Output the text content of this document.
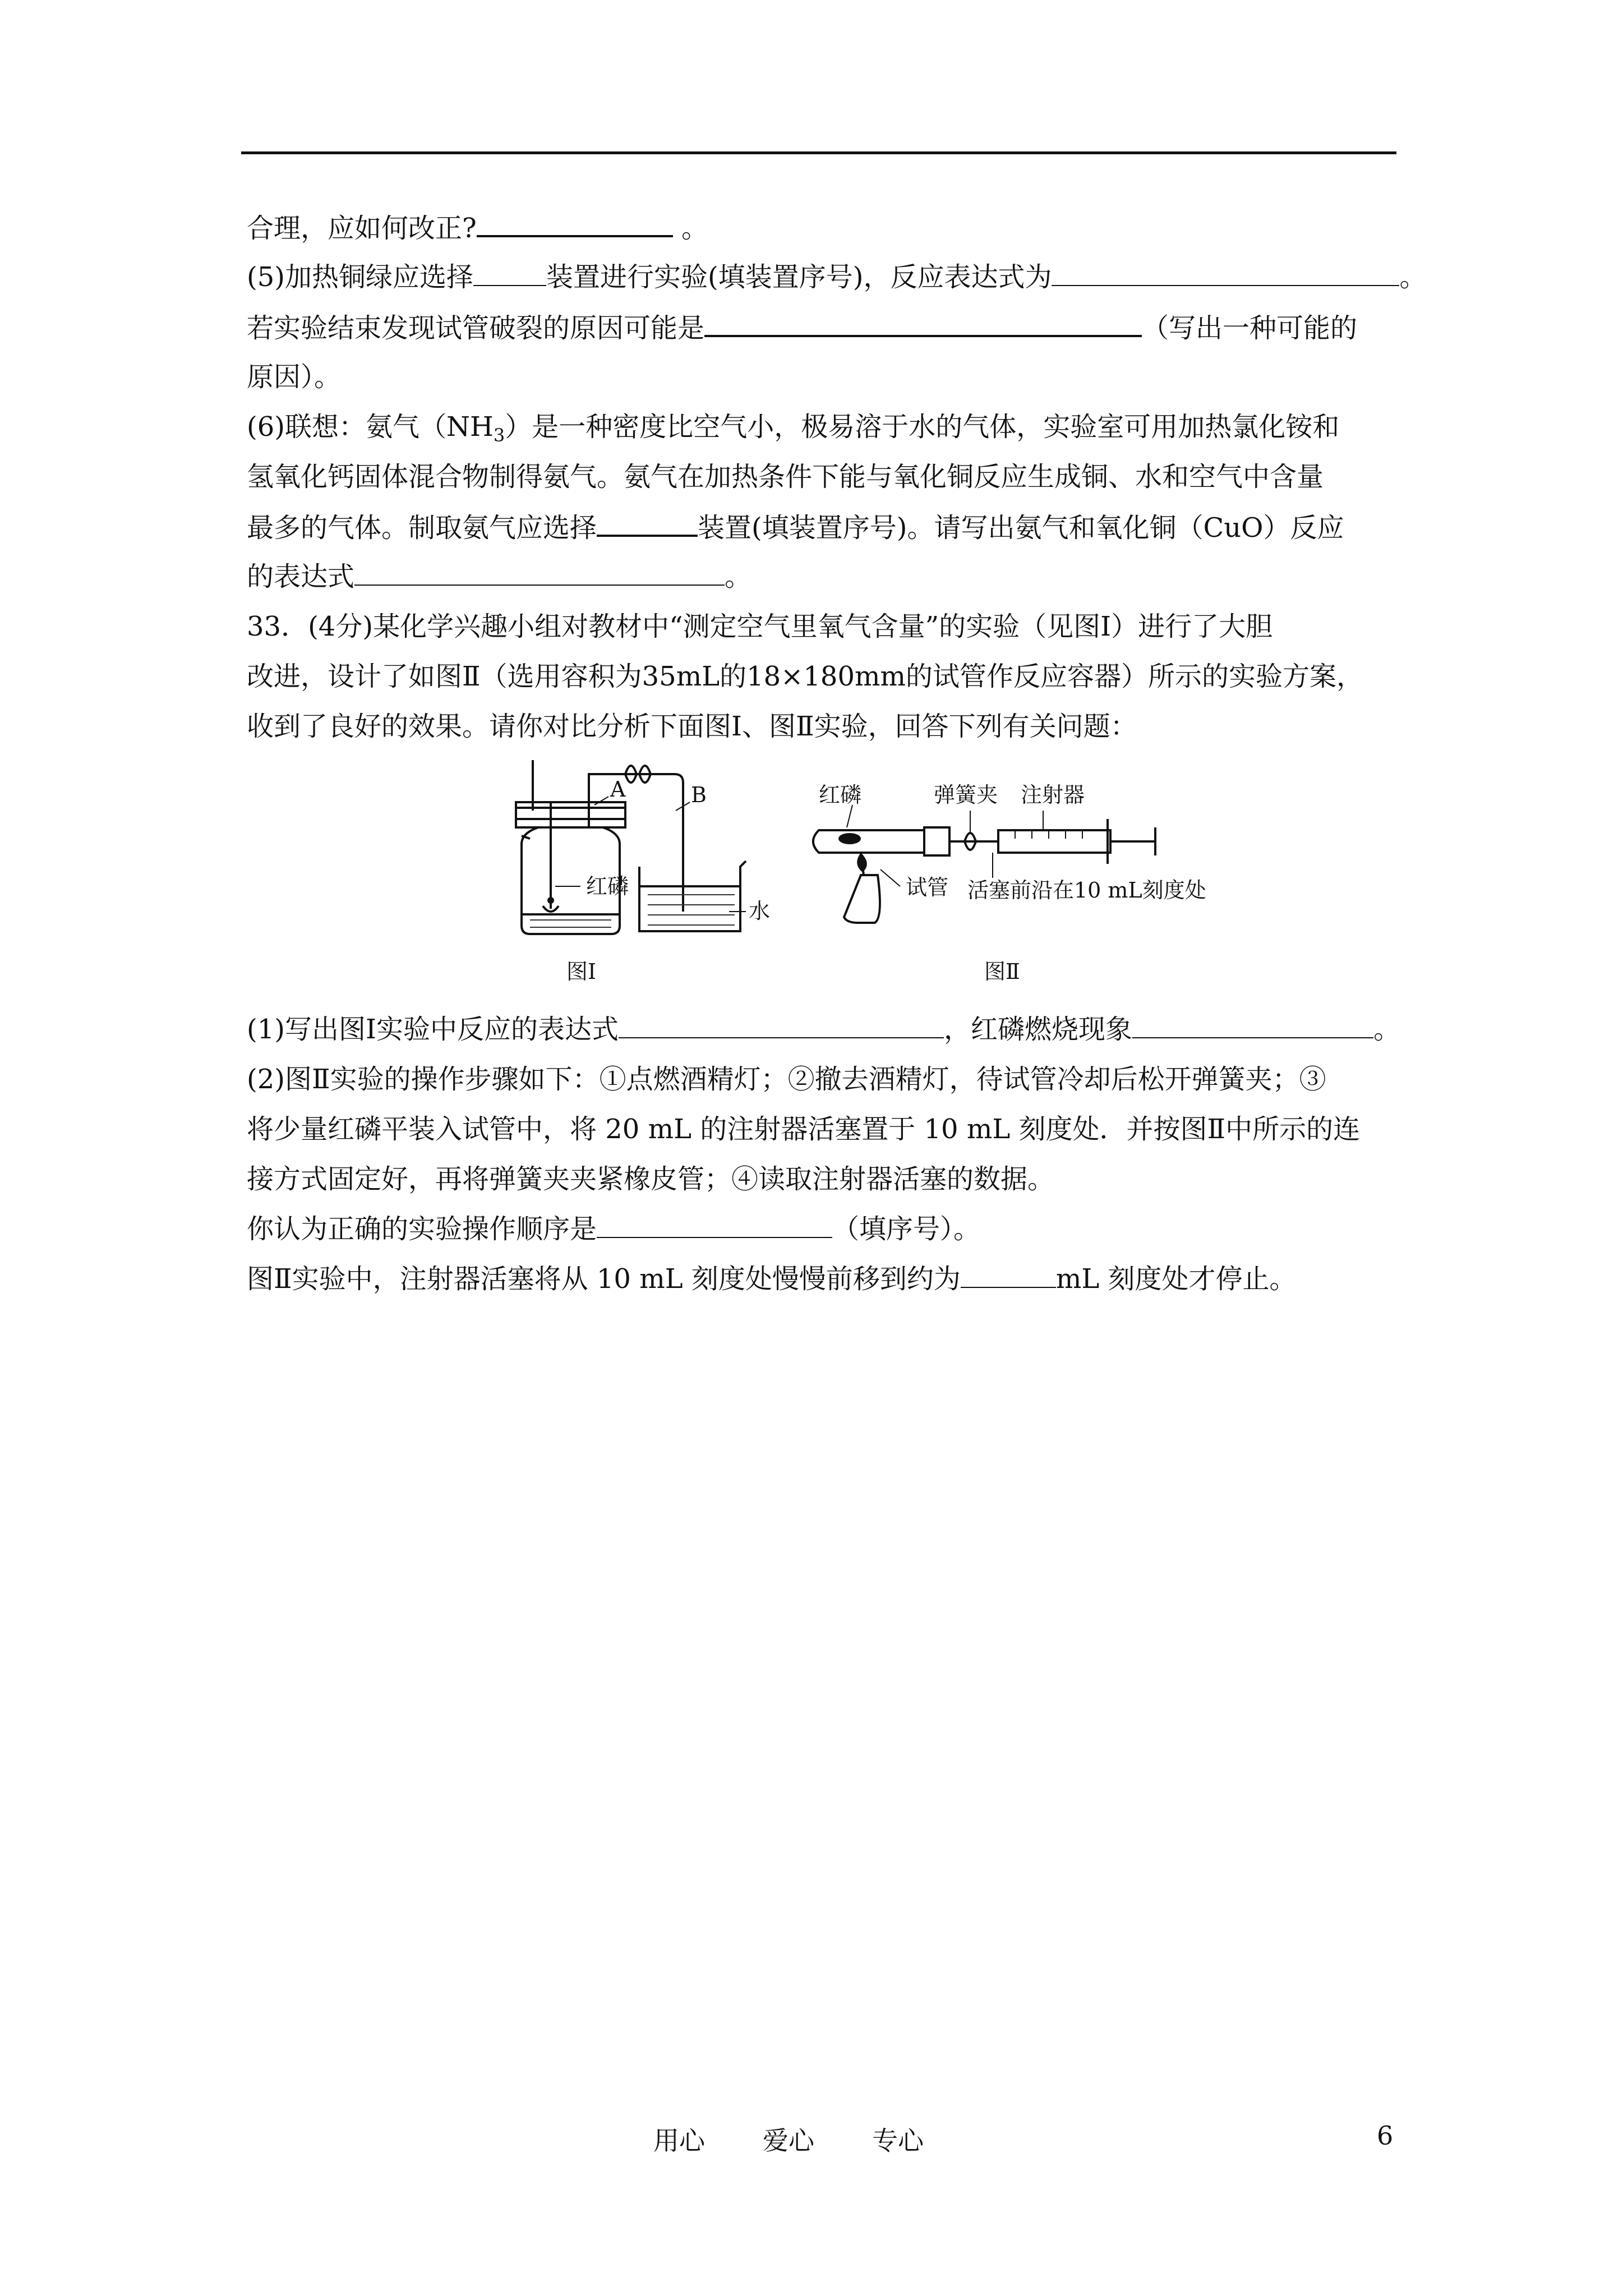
合理，应如何改正?	。
(5)加热铜绿应选择	装置进行实验(填装置序号)，反应表达式为	。
若实验结束发现试管破裂的原因可能是	（写出一种可能的
原因）。
(6)联想：氨气$(NH_3)$是一种密度比空气小，极易溶于水的气体，实验室可用加热氯化铵和
氢氧化钙固体混合物制得氨气。氨气在加热条件下能与氧化铜反应生成铜、水和空气中含量
最多的气体。制取氨气应选择	装置(填装置序号)。请写出氨气和氧化铜（CuO）反应
的表达式	。
33．(4分)某化学兴趣小组对教材中“测定空气里氧气含量”的实验（见图Ⅰ）进行了大胆
改进，设计了如图Ⅱ（选用容积为35mL的18×180mm的试管作反应容器）所示的实验方案，
收到了良好的效果。请你对比分析下面图Ⅰ、图Ⅱ实验，回答下列有关问题：
A	B
红磷
水
图Ⅰ
红磷	弹簧夹 注射器
试管 活塞前沿在10 mL刻度处
图Ⅱ
(1)写出图Ⅰ实验中反应的表达式	，红磷燃烧现象	。
(2)图Ⅱ实验的操作步骤如下：①点燃酒精灯；②撤去酒精灯，待试管冷却后松开弹簧夹；③
将少量红磷平装入试管中，将 20 mL 的注射器活塞置于 10 mL 刻度处．并按图Ⅱ中所示的连
接方式固定好，再将弹簧夹夹紧橡皮管；④读取注射器活塞的数据。
你认为正确的实验操作顺序是	（填序号）。
图Ⅱ实验中，注射器活塞将从 10 mL 刻度处慢慢前移到约为	mL 刻度处才停止。
用心 爱心 专心	6
